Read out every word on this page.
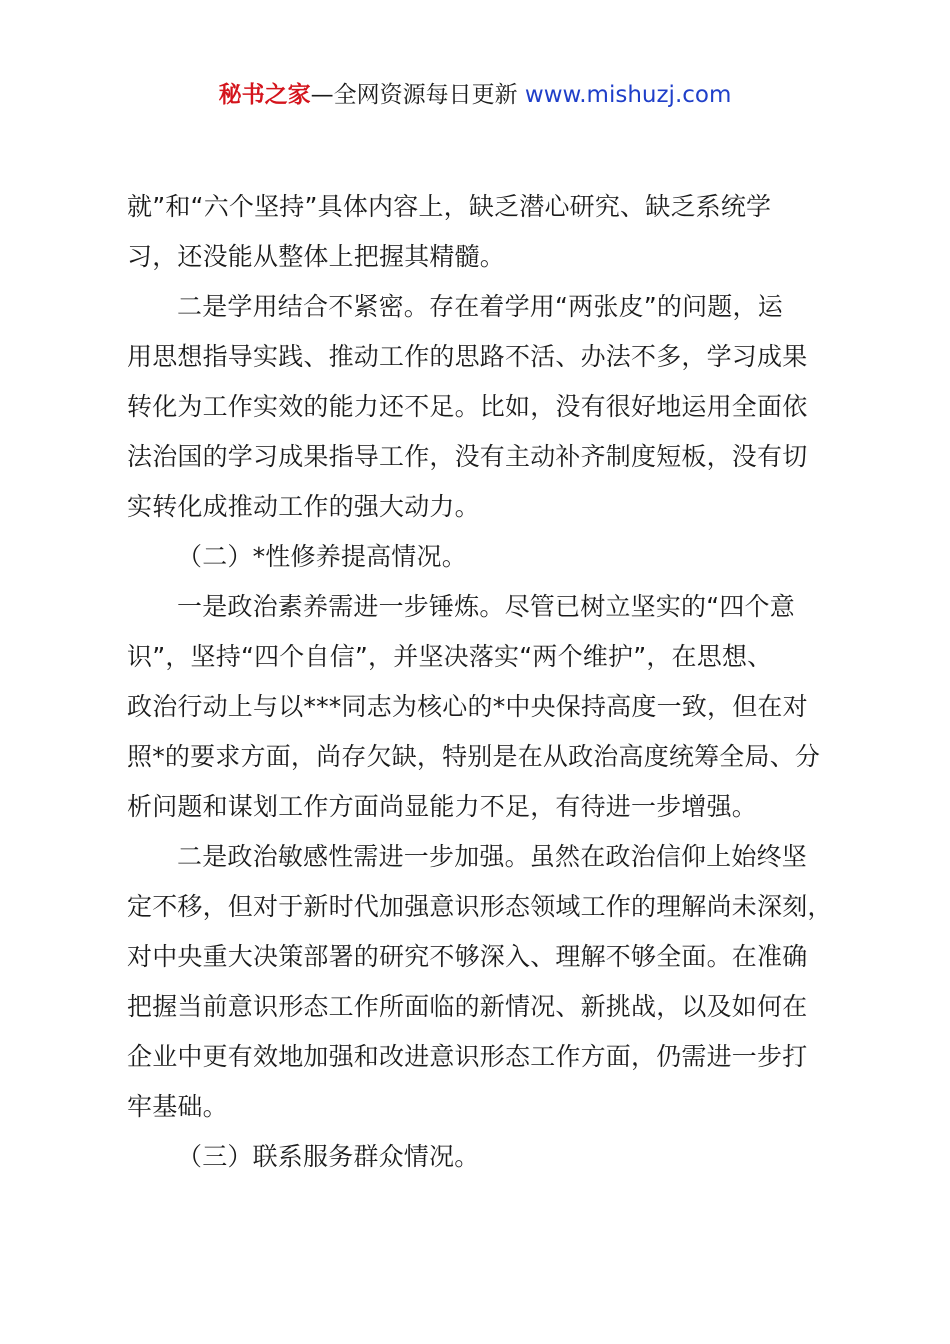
秘书之家—全网资源每日更新 www.mishuzj.com
就”和“六个坚持”具体内容上，缺乏潜心研究、缺乏系统学
习，还没能从整体上把握其精髓。
二是学用结合不紧密。存在着学用“两张皮”的问题，运
用思想指导实践、推动工作的思路不活、办法不多，学习成果
转化为工作实效的能力还不足。比如，没有很好地运用全面依
法治国的学习成果指导工作，没有主动补齐制度短板，没有切
实转化成推动工作的强大动力。
（二）*性修养提高情况。
一是政治素养需进一步锤炼。尽管已树立坚实的“四个意
识”，坚持“四个自信”，并坚决落实“两个维护”，在思想、
政治行动上与以***同志为核心的*中央保持高度一致，但在对
照*的要求方面，尚存欠缺，特别是在从政治高度统筹全局、分
析问题和谋划工作方面尚显能力不足，有待进一步增强。
二是政治敏感性需进一步加强。虽然在政治信仰上始终坚
定不移，但对于新时代加强意识形态领域工作的理解尚未深刻，
对中央重大决策部署的研究不够深入、理解不够全面。在准确
把握当前意识形态工作所面临的新情况、新挑战，以及如何在
企业中更有效地加强和改进意识形态工作方面，仍需进一步打
牢基础。
（三）联系服务群众情况。
